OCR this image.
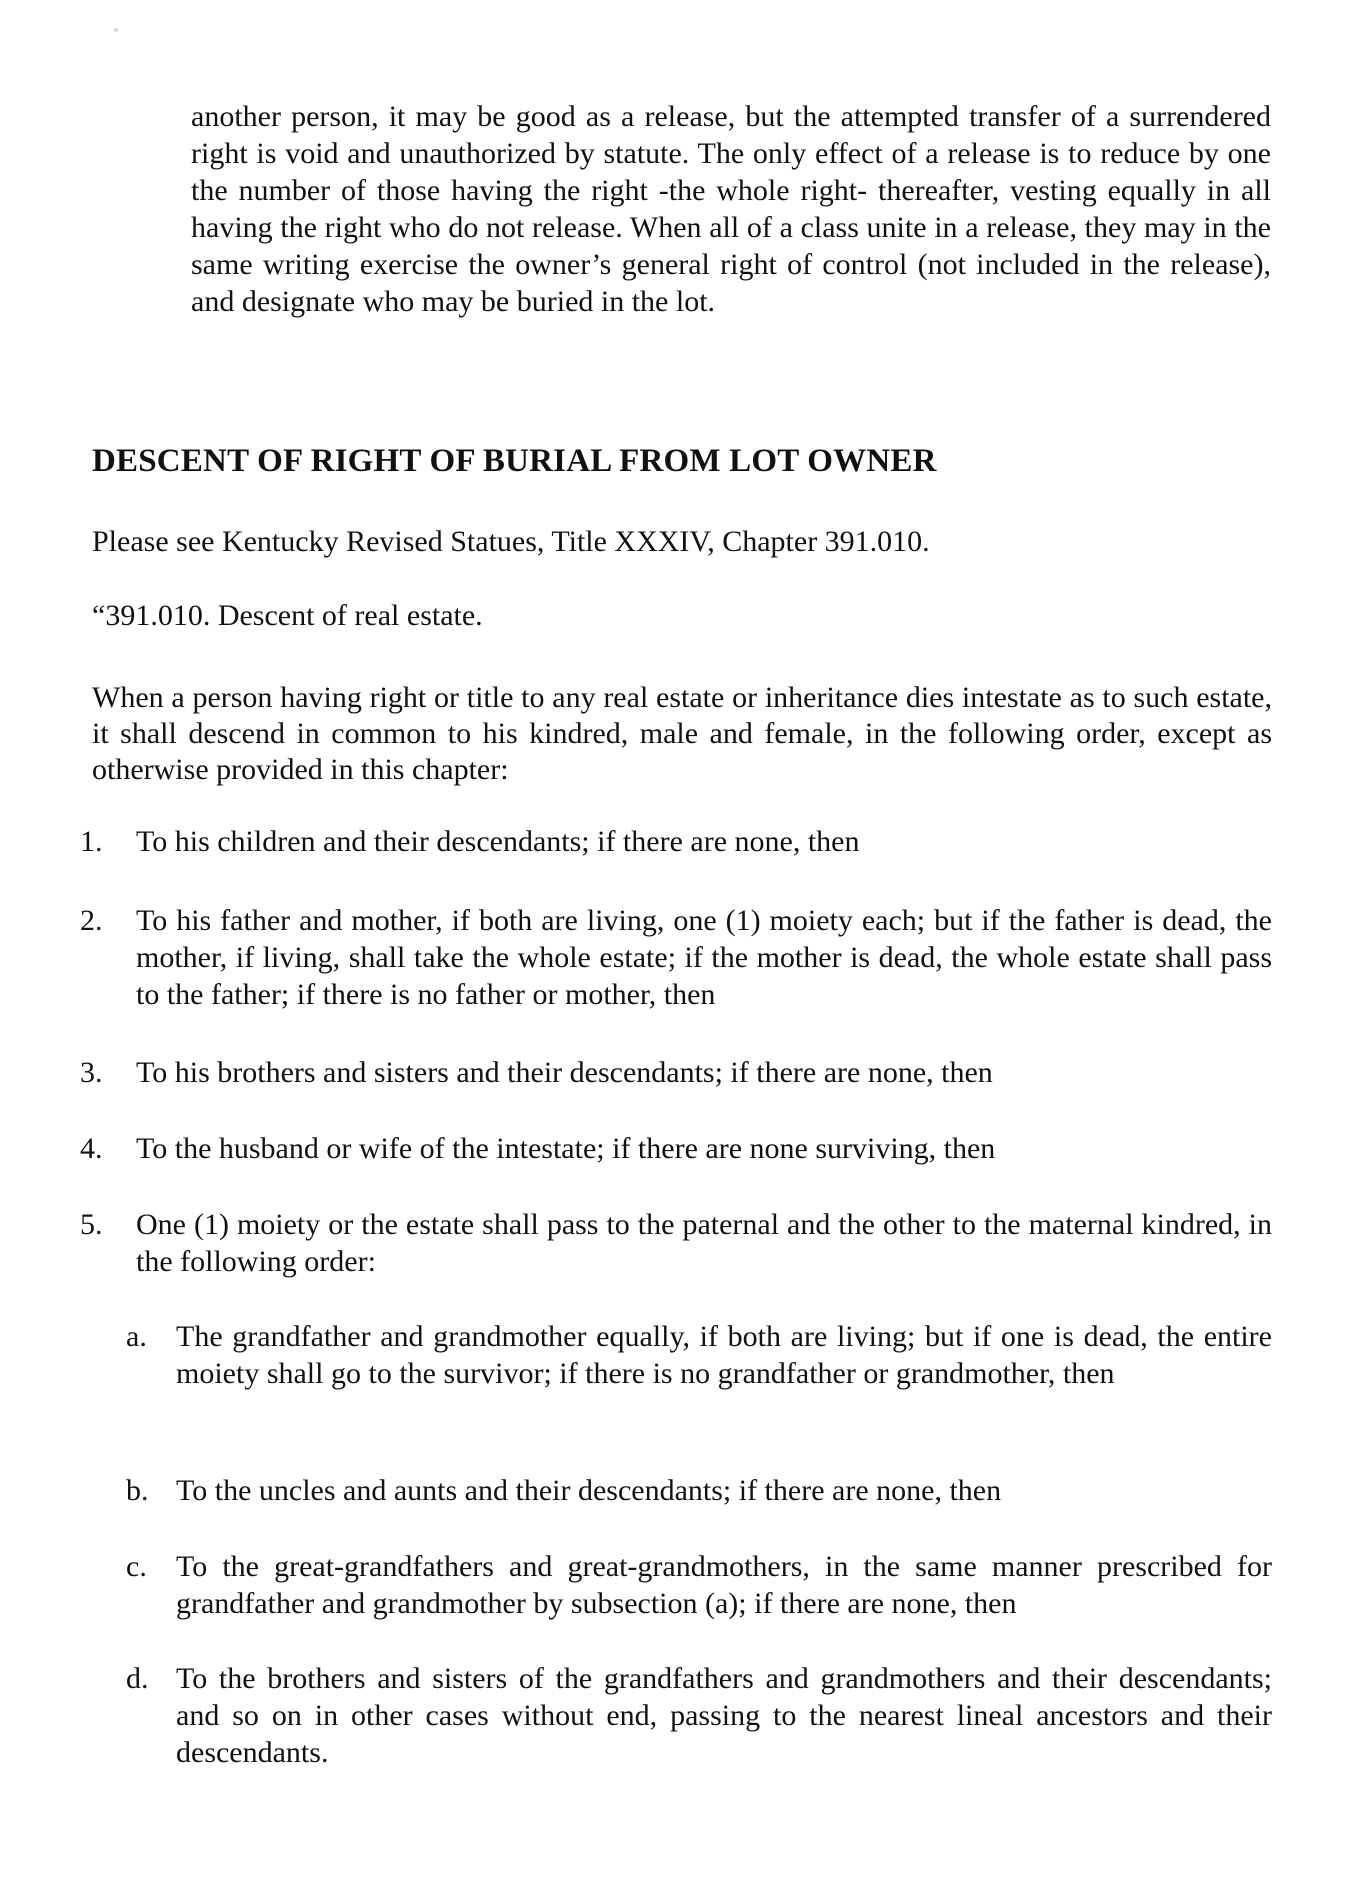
another person, it may be good as a release, but the attempted transfer of a surrendered right is void and unauthorized by statute. The only effect of a release is to reduce by one the number of those having the right -the whole right- thereafter, vesting equally in all having the right who do not release. When all of a class unite in a release, they may in the same writing exercise the owner’s general right of control (not included in the release), and designate who may be buried in the lot.

DESCENT OF RIGHT OF BURIAL FROM LOT OWNER

Please see Kentucky Revised Statues, Title XXXIV, Chapter 391.010.

“391.010. Descent of real estate.

When a person having right or title to any real estate or inheritance dies intestate as to such estate, it shall descend in common to his kindred, male and female, in the following order, except as otherwise provided in this chapter:

1. To his children and their descendants; if there are none, then
2. To his father and mother, if both are living, one (1) moiety each; but if the father is dead, the mother, if living, shall take the whole estate; if the mother is dead, the whole estate shall pass to the father; if there is no father or mother, then
3. To his brothers and sisters and their descendants; if there are none, then
4. To the husband or wife of the intestate; if there are none surviving, then
5. One (1) moiety or the estate shall pass to the paternal and the other to the maternal kindred, in the following order:
a. The grandfather and grandmother equally, if both are living; but if one is dead, the entire moiety shall go to the survivor; if there is no grandfather or grandmother, then
b. To the uncles and aunts and their descendants; if there are none, then
c. To the great-grandfathers and great-grandmothers, in the same manner prescribed for grandfather and grandmother by subsection (a); if there are none, then
d. To the brothers and sisters of the grandfathers and grandmothers and their descendants; and so on in other cases without end, passing to the nearest lineal ancestors and their descendants.
